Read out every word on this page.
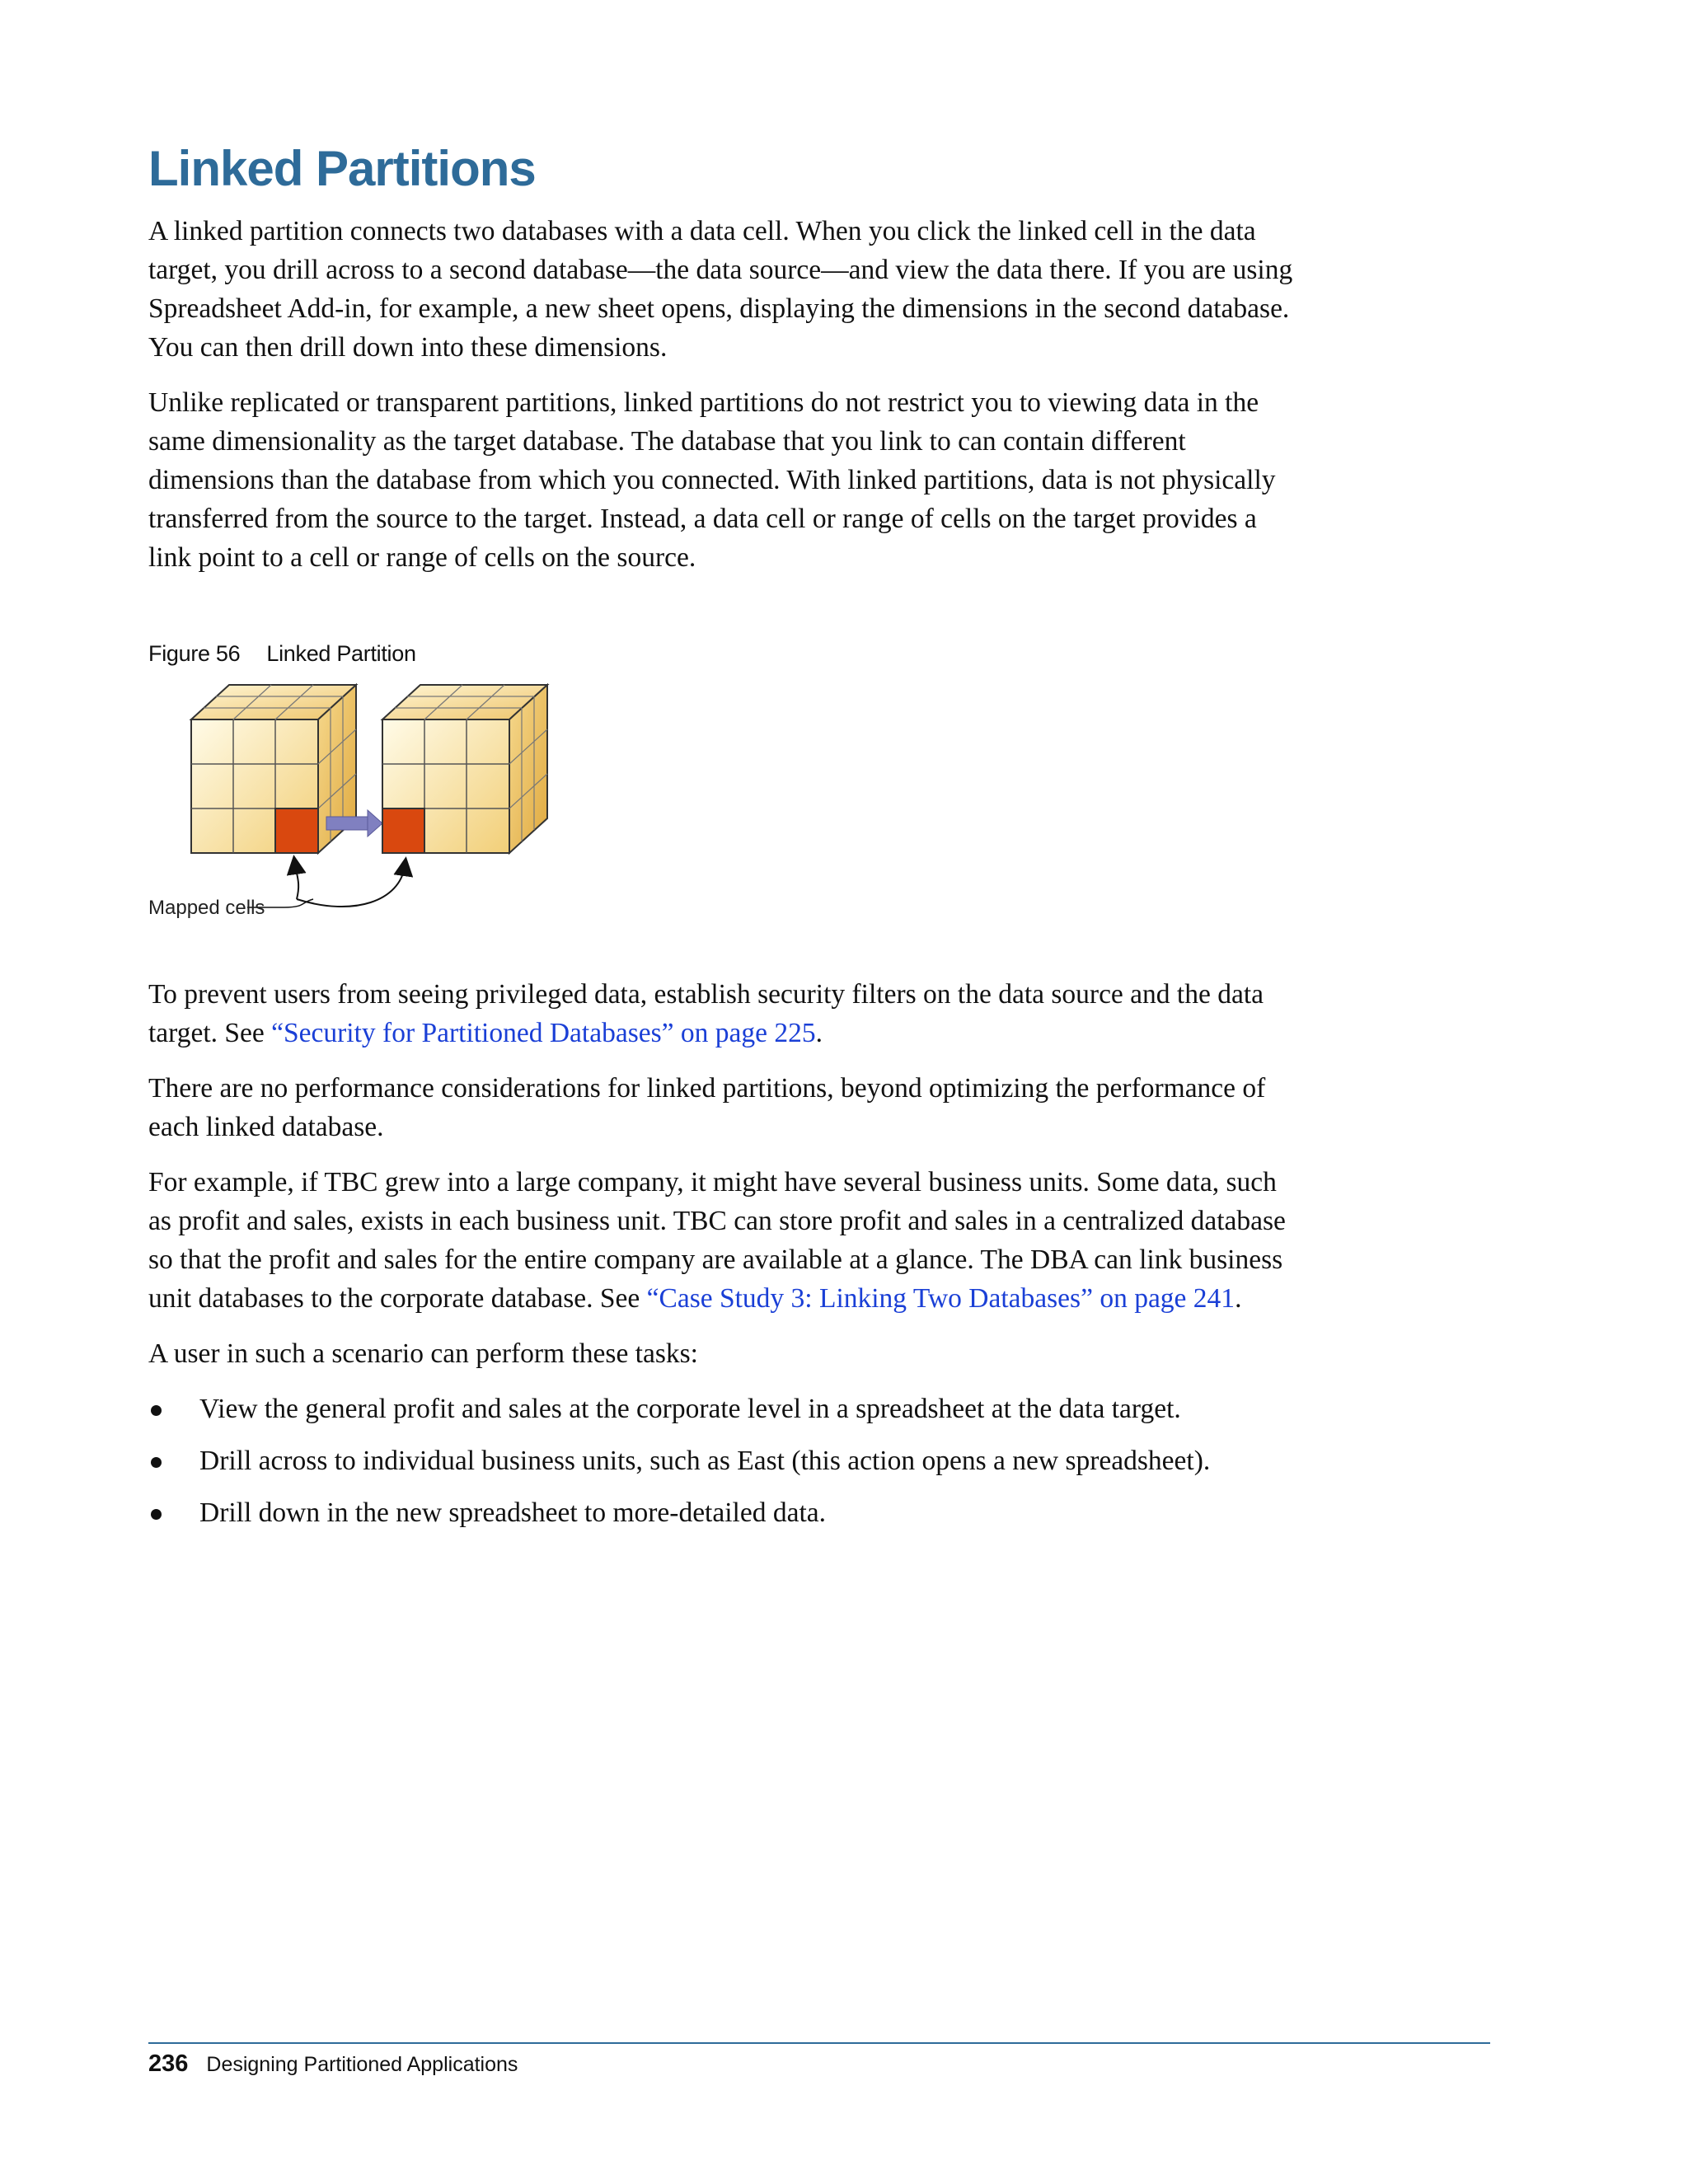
Linked Partitions

A linked partition connects two databases with a data cell. When you click the linked cell in the data target, you drill across to a second database—the data source—and view the data there. If you are using Spreadsheet Add-in, for example, a new sheet opens, displaying the dimensions in the second database. You can then drill down into these dimensions.

Unlike replicated or transparent partitions, linked partitions do not restrict you to viewing data in the same dimensionality as the target database. The database that you link to can contain different dimensions than the database from which you connected. With linked partitions, data is not physically transferred from the source to the target. Instead, a data cell or range of cells on the target provides a link point to a cell or range of cells on the source.

Figure 56 Linked Partition
Mapped cells

To prevent users from seeing privileged data, establish security filters on the data source and the data target. See “Security for Partitioned Databases” on page 225.

There are no performance considerations for linked partitions, beyond optimizing the performance of each linked database.

For example, if TBC grew into a large company, it might have several business units. Some data, such as profit and sales, exists in each business unit. TBC can store profit and sales in a centralized database so that the profit and sales for the entire company are available at a glance. The DBA can link business unit databases to the corporate database. See “Case Study 3: Linking Two Databases” on page 241.

A user in such a scenario can perform these tasks:

View the general profit and sales at the corporate level in a spreadsheet at the data target.
Drill across to individual business units, such as East (this action opens a new spreadsheet).
Drill down in the new spreadsheet to more-detailed data.
236 Designing Partitioned Applications
